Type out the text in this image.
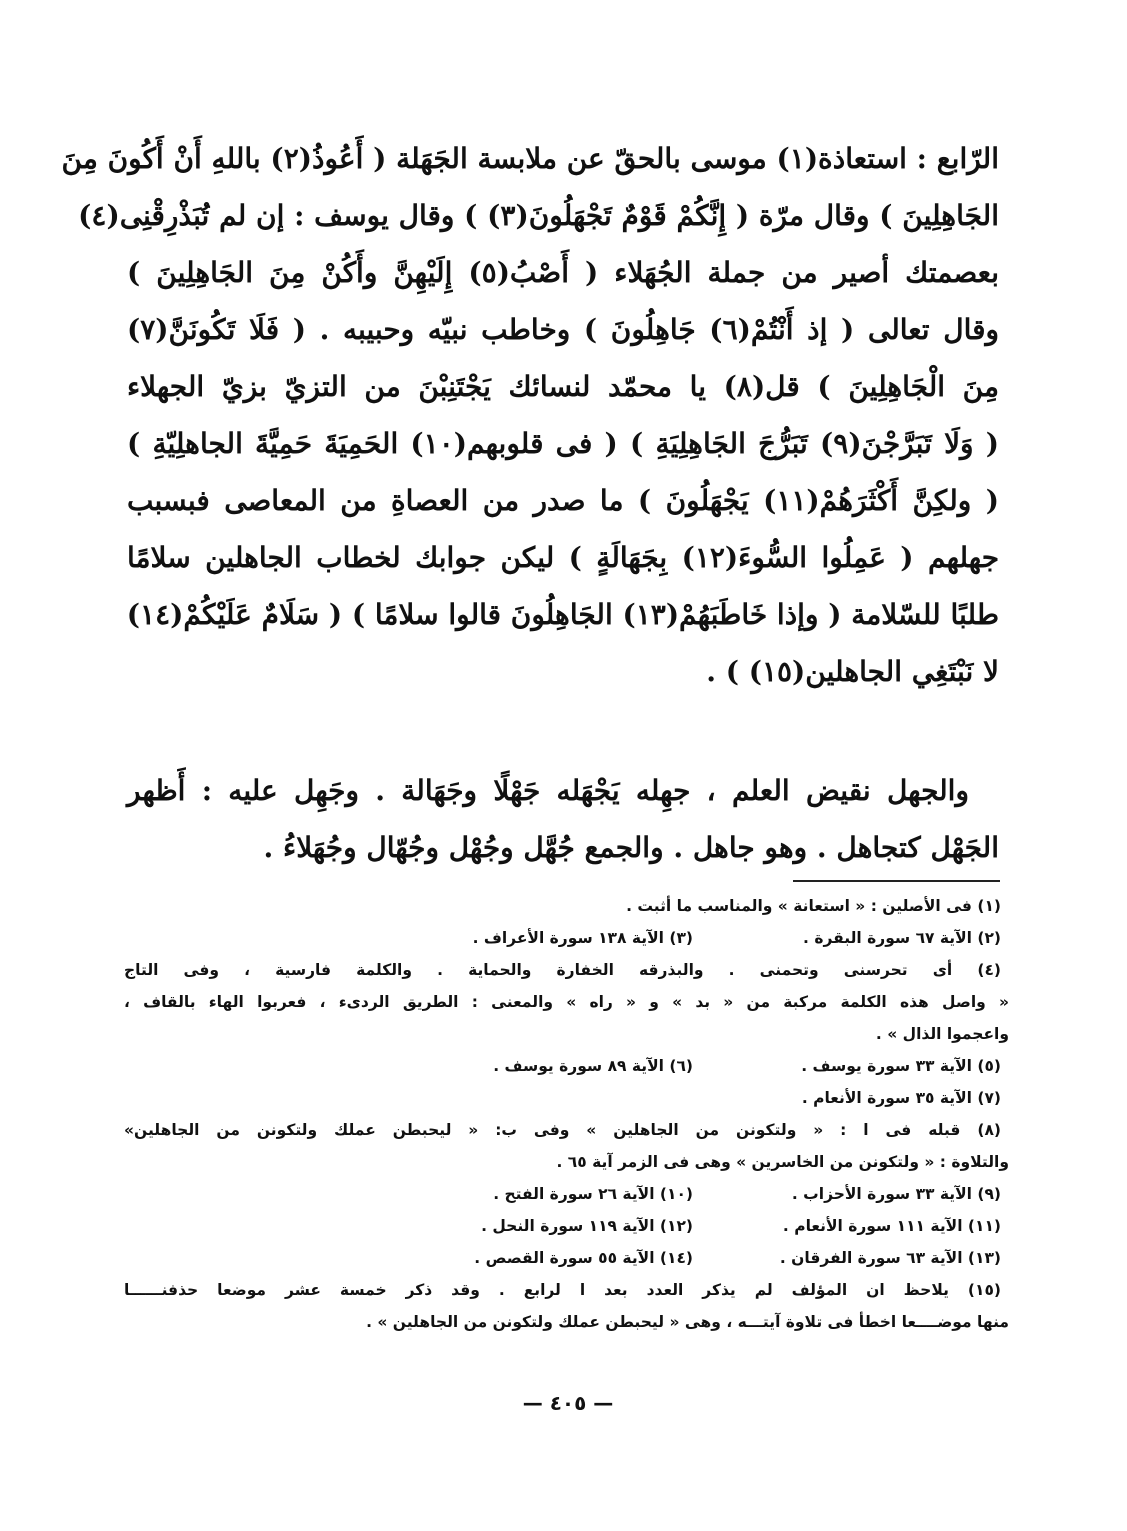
الرّابع : استعاذة(١) موسى بالحقّ عن ملابسة الجَهَلة ( أَعُوذُ(٢) باللهِ أَنْ أَكُونَ مِنَ
الجَاهِلِينَ ) وقال مرّة ( إِنَّكُمْ قَوْمٌ تَجْهَلُونَ(٣) ) وقال يوسف : إن لم تُبَذْرِقْنِى(٤)
بعصمتك أصير من جملة الجُهَلاء ( أَصْبُ(٥) إِلَيْهِنَّ وأَكُنْ مِنَ الجَاهِلِينَ )
وقال تعالى ( إذ أَنْتُمْ(٦) جَاهِلُونَ ) وخاطب نبيّه وحبيبه . ( فَلَا تَكُونَنَّ(٧)
مِنَ الْجَاهِلِينَ ) قل(٨) يا محمّد لنسائك يَجْتَنِبْنَ من التزيّ بزيّ الجهلاء
( وَلَا تَبَرَّجْنَ(٩) تَبَرُّجَ الجَاهِلِيَةِ ) ( فى قلوبهم(١٠) الحَمِيَةَ حَمِيَّةَ الجاهلِيّةِ )
( ولكِنَّ أَكْثَرَهُمْ(١١) يَجْهَلُونَ ) ما صدر من العصاةِ من المعاصى فبسبب
جهلهم ( عَمِلُوا السُّوءَ(١٢) بِجَهَالَةٍ ) ليكن جوابك لخطاب الجاهلين سلامًا
طلبًا للسّلامة ( وإذا خَاطَبَهُمْ(١٣) الجَاهِلُونَ قالوا سلامًا ) ( سَلَامٌ عَلَيْكُمْ(١٤)
لا نَبْتَغِي الجاهلين(١٥) ) .
والجهل نقيض العلم ، جهِله يَجْهَله جَهْلًا وجَهَالة . وجَهِل عليه : أَظهر
الجَهْل كتجاهل . وهو جاهل . والجمع جُهَّل وجُهْل وجُهّال وجُهَلاءُ .
(١) فى الأصلين : « استعانة » والمناسب ما أثبت .
(٢) الآية ٦٧ سورة البقرة .
(٣) الآية ١٣٨ سورة الأعراف .
(٤) أى تحرسنى وتحمنى . والبذرقه الخفارة والحماية . والكلمة فارسية ، وفى التاج
« واصل هذه الكلمة مركبة من « بد » و « راه » والمعنى : الطريق الردىء ، فعربوا الهاء بالقاف ،
واعجموا الذال » .
(٥) الآية ٣٣ سورة يوسف .
(٦) الآية ٨٩ سورة يوسف .
(٧) الآية ٣٥ سورة الأنعام .
(٨) قبله فى ا : « ولتكونن من الجاهلين » وفى ب: « ليحبطن عملك ولتكونن من الجاهلين»
والتلاوة : « ولتكونن من الخاسرين » وهى فى الزمر آية ٦٥ .
(٩) الآية ٣٣ سورة الأحزاب .
(١٠) الآية ٢٦ سورة الفتح .
(١١) الآية ١١١ سورة الأنعام .
(١٢) الآية ١١٩ سورة النحل .
(١٣) الآية ٦٣ سورة الفرقان .
(١٤) الآية ٥٥ سورة القصص .
(١٥) يلاحظ ان المؤلف لم يذكر العدد بعد ا لرابع . وقد ذكر خمسة عشر موضعا حذفنــــــا
منها موضــــعا اخطأ فى تلاوة آيتـــه ، وهى « ليحبطن عملك ولتكونن من الجاهلين » .
— ٤٠٥ —
